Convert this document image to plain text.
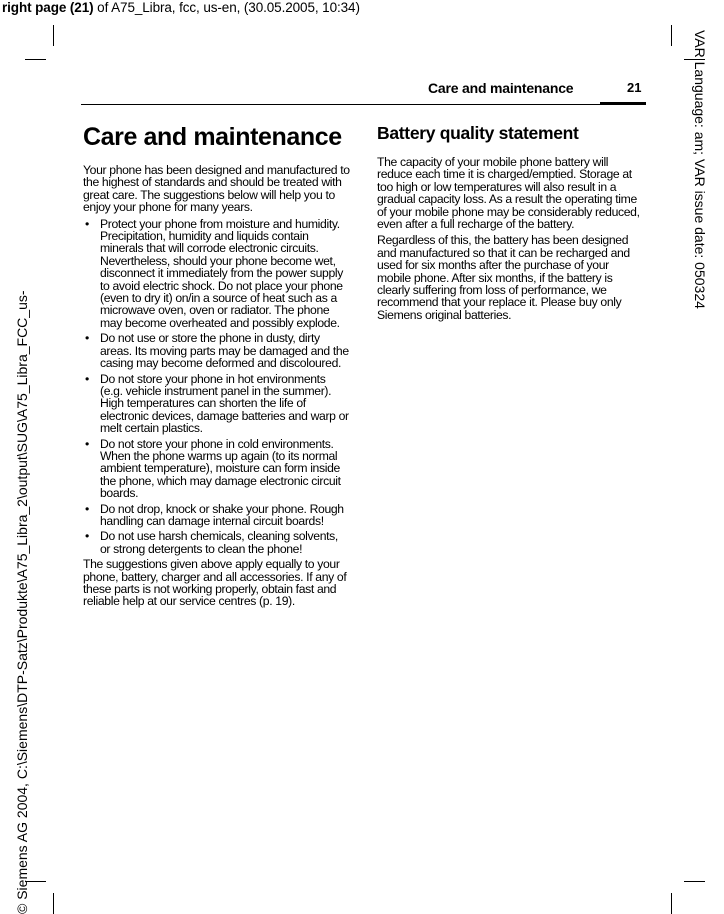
right page (21) of A75_Libra, fcc, us-en, (30.05.2005, 10:34)
© Siemens AG 2004, C:\Siemens\DTP-Satz\Produkte\A75_Libra_2\output\SUG\A75_Libra_FCC_us-
VAR Language: am; VAR issue date: 050324
Care and maintenance	21
Care and maintenance

Your phone has been designed and manufactured to the highest of standards and should be treated with great care. The suggestions below will help you to enjoy your phone for many years.

• Protect your phone from moisture and humidity. Precipitation, humidity and liquids contain minerals that will corrode electronic circuits. Nevertheless, should your phone become wet, disconnect it immediately from the power supply to avoid electric shock. Do not place your phone (even to dry it) on/in a source of heat such as a microwave oven, oven or radiator. The phone may become overheated and possibly explode.
• Do not use or store the phone in dusty, dirty areas. Its moving parts may be damaged and the casing may become deformed and discoloured.
• Do not store your phone in hot environments (e.g. vehicle instrument panel in the summer). High temperatures can shorten the life of electronic devices, damage batteries and warp or melt certain plastics.
• Do not store your phone in cold environments. When the phone warms up again (to its normal ambient temperature), moisture can form inside the phone, which may damage electronic circuit boards.
• Do not drop, knock or shake your phone. Rough handling can damage internal circuit boards!
• Do not use harsh chemicals, cleaning solvents, or strong detergents to clean the phone!

The suggestions given above apply equally to your phone, battery, charger and all accessories. If any of these parts is not working properly, obtain fast and reliable help at our service centres (p. 19).

Battery quality statement

The capacity of your mobile phone battery will reduce each time it is charged/emptied. Storage at too high or low temperatures will also result in a gradual capacity loss. As a result the operating time of your mobile phone may be considerably reduced, even after a full recharge of the battery.

Regardless of this, the battery has been designed and manufactured so that it can be recharged and used for six months after the purchase of your mobile phone. After six months, if the battery is clearly suffering from loss of performance, we recommend that your replace it. Please buy only Siemens original batteries.
